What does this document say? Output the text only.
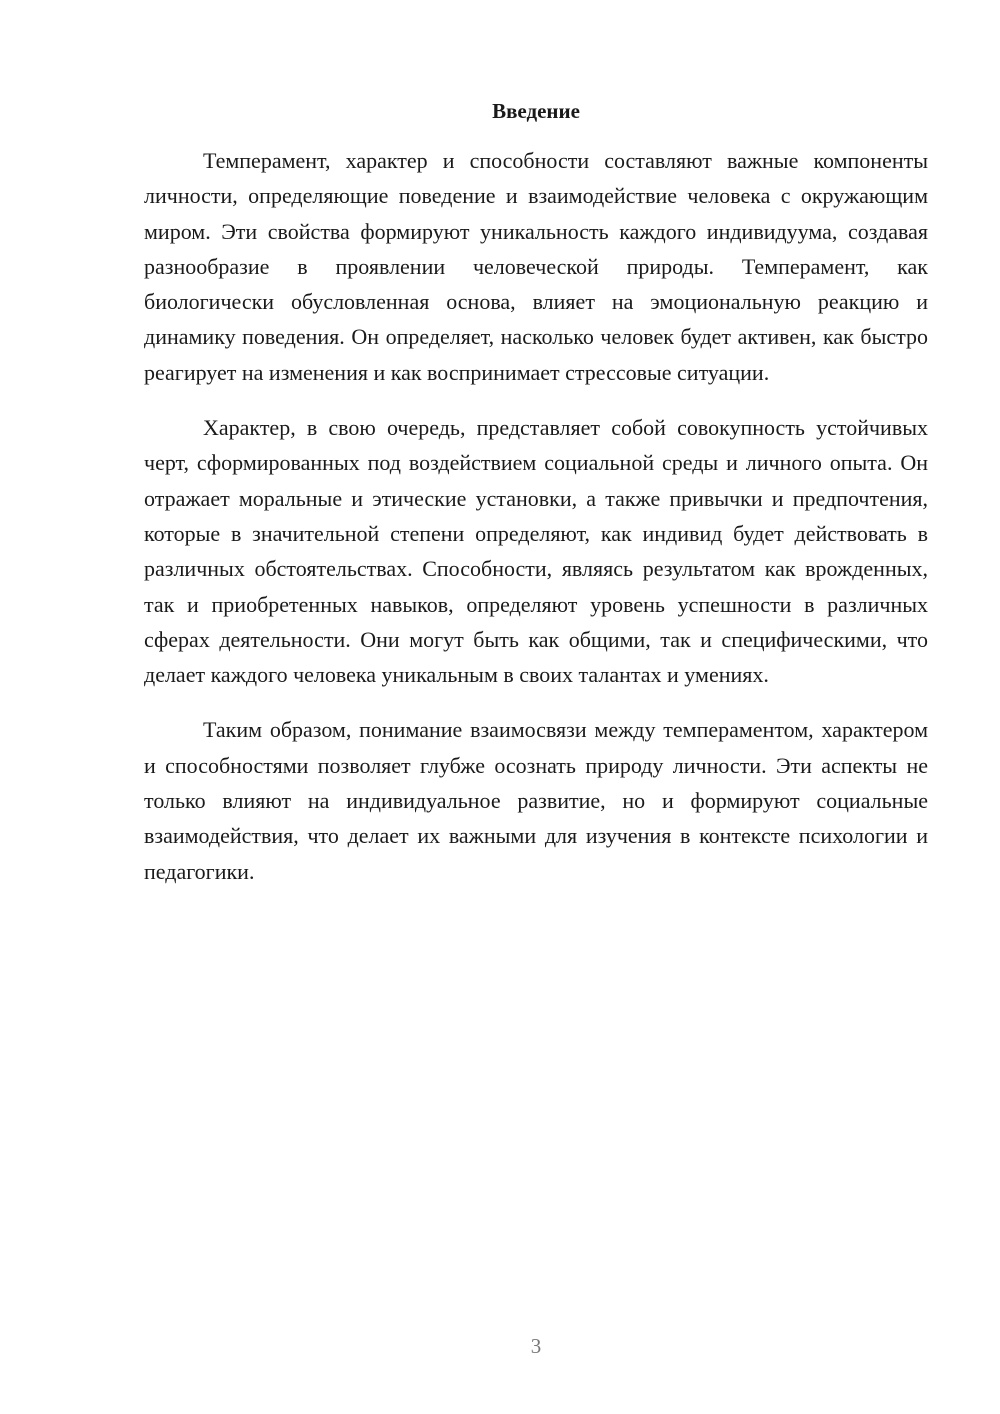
Введение

Темперамент, характер и способности составляют важные компоненты личности, определяющие поведение и взаимодействие человека с окружающим миром. Эти свойства формируют уникальность каждого индивидуума, создавая разнообразие в проявлении человеческой природы. Темперамент, как биологически обусловленная основа, влияет на эмоциональную реакцию и динамику поведения. Он определяет, насколько человек будет активен, как быстро реагирует на изменения и как воспринимает стрессовые ситуации.

Характер, в свою очередь, представляет собой совокупность устойчивых черт, сформированных под воздействием социальной среды и личного опыта. Он отражает моральные и этические установки, а также привычки и предпочтения, которые в значительной степени определяют, как индивид будет действовать в различных обстоятельствах. Способности, являясь результатом как врожденных, так и приобретенных навыков, определяют уровень успешности в различных сферах деятельности. Они могут быть как общими, так и специфическими, что делает каждого человека уникальным в своих талантах и умениях.

Таким образом, понимание взаимосвязи между темпераментом, характером и способностями позволяет глубже осознать природу личности. Эти аспекты не только влияют на индивидуальное развитие, но и формируют социальные взаимодействия, что делает их важными для изучения в контексте психологии и педагогики.

3
